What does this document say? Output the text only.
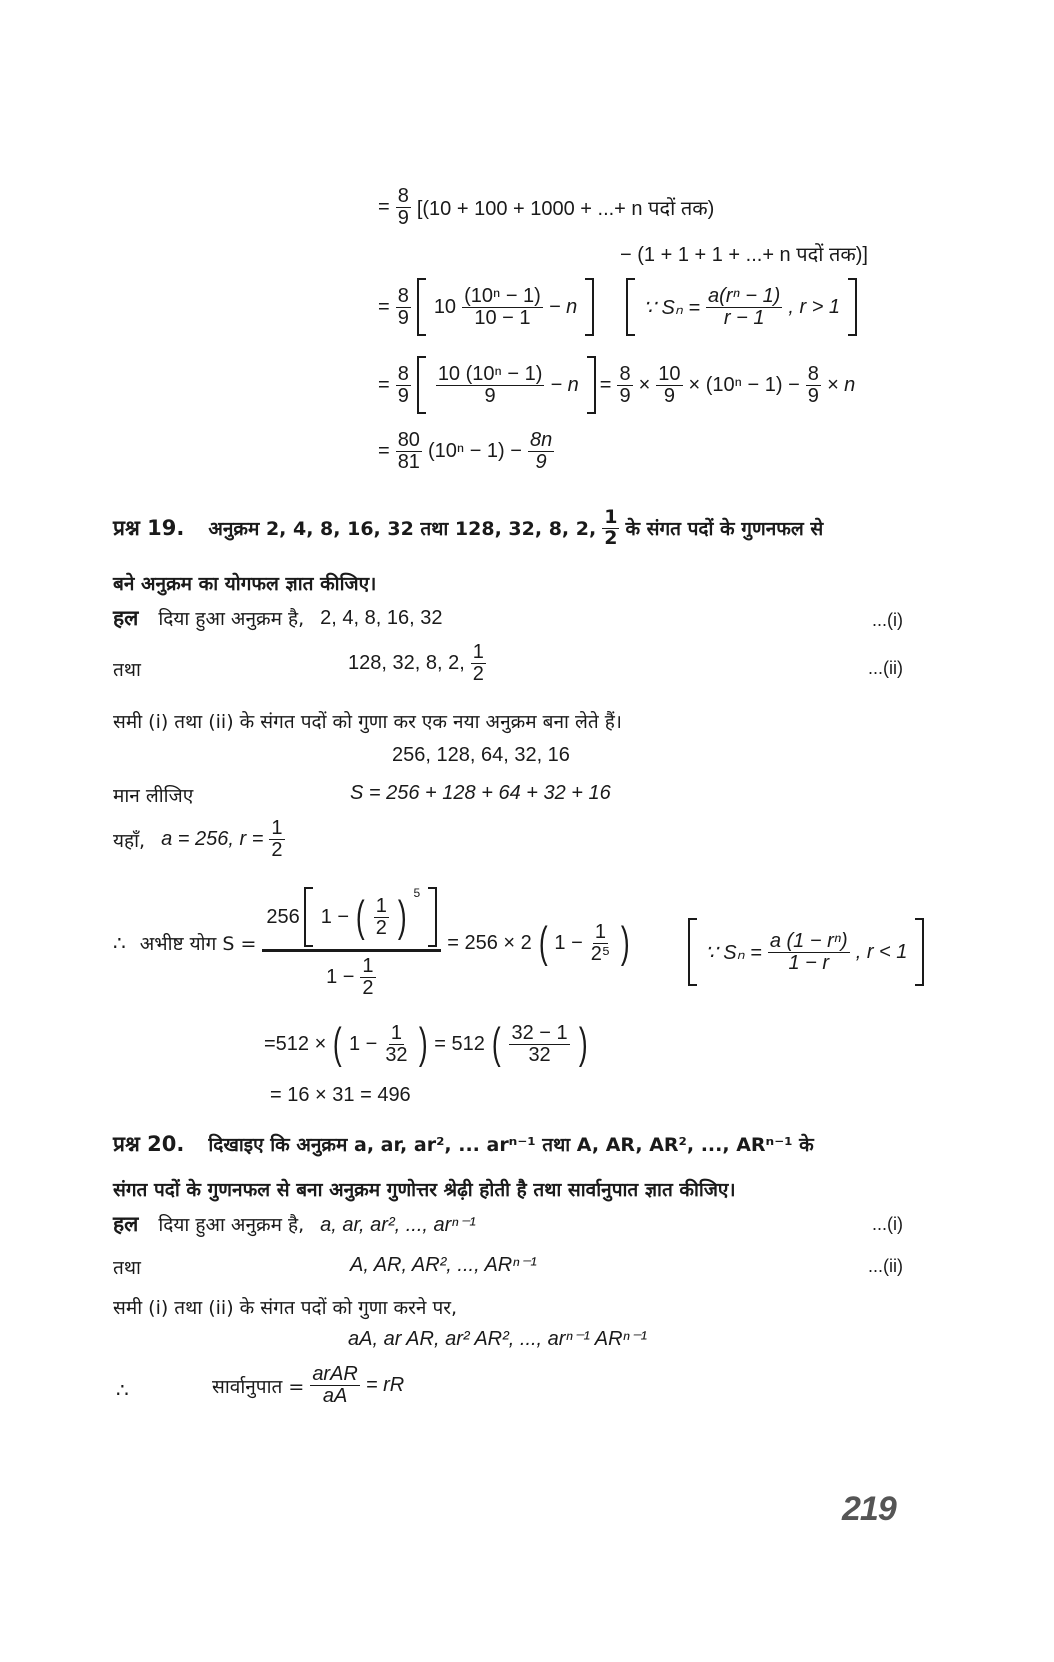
= $\frac{8}{9} [(10 + 100 + 1000$ + ...+ n पदों तक)
− (1 + 1 + 1 + ...+ n पदों तक)]
= $\frac{8}{9} 10 \frac{\text{(10ⁿ − 1)}}{10 - 1} - n$	∵ $S_n = \frac{\text{a(rⁿ − 1)}}{r - 1}$ , r > 1
= $\frac{8}{9} \frac{\text{10 (10ⁿ − 1)}}{9} - n = \frac{8}{9} \times \frac{10}{9} \times (10^n - 1) - \frac{8}{9} \times n$
= $\frac{80}{81} (10^n - 1) - \frac{8n}{9}$
प्रश्न 19. अनुक्रम 2, 4, 8, 16, 32 तथा 128, 32, 8, 2, $\frac{1}{2}$ के संगत पदों के गुणनफल से
बने अनुक्रम का योगफल ज्ञात कीजिए।
हल दिया हुआ अनुक्रम है, 2, 4, 8, 16, 32	...(i)
तथा	128, 32, 8, 2, $\frac{1}{2}$	...(ii)
समी (i) तथा (ii) के संगत पदों को गुणा कर एक नया अनुक्रम बना लेते हैं।
256, 128, 64, 32, 16
मान लीजिए	S = 256 + 128 + 64 + 32 + 16
यहाँ, a = 256, $r = \frac{1}{2}$
∴ अभीष्ट योग $S = \frac{256 1 - ( \frac{1}{2} ) ^5}{1 - \frac{1}{2}} = 256 \times 2$ ( $1 - \frac{1}{\text{2⁵}}$ )	∵ $S_n = \frac{\text{a (1 − rⁿ)}}{1 - r}$ , r < 1
=512 × ( $1 - \frac{1}{32}$ ) = 512 ( $\frac{32 - 1}{32}$ )
= 16 × 31 = 496
प्रश्न 20. दिखाइए कि अनुक्रम a, ar, ar², ... arⁿ⁻¹ तथा A, AR, AR², ..., ARⁿ⁻¹ के
संगत पदों के गुणनफल से बना अनुक्रम गुणोत्तर श्रेढ़ी होती है तथा सार्वानुपात ज्ञात कीजिए।
हल दिया हुआ अनुक्रम है, a, ar, ar², ..., arⁿ⁻¹	...(i)
तथा	A, AR, AR², ..., ARⁿ⁻¹	...(ii)
समी (i) तथा (ii) के संगत पदों को गुणा करने पर,
aA, ar AR, ar² AR², ..., arⁿ⁻¹ ARⁿ⁻¹
∴	सार्वानुपात = $\frac{\text{arAR}}{aA}$ = rR
219
